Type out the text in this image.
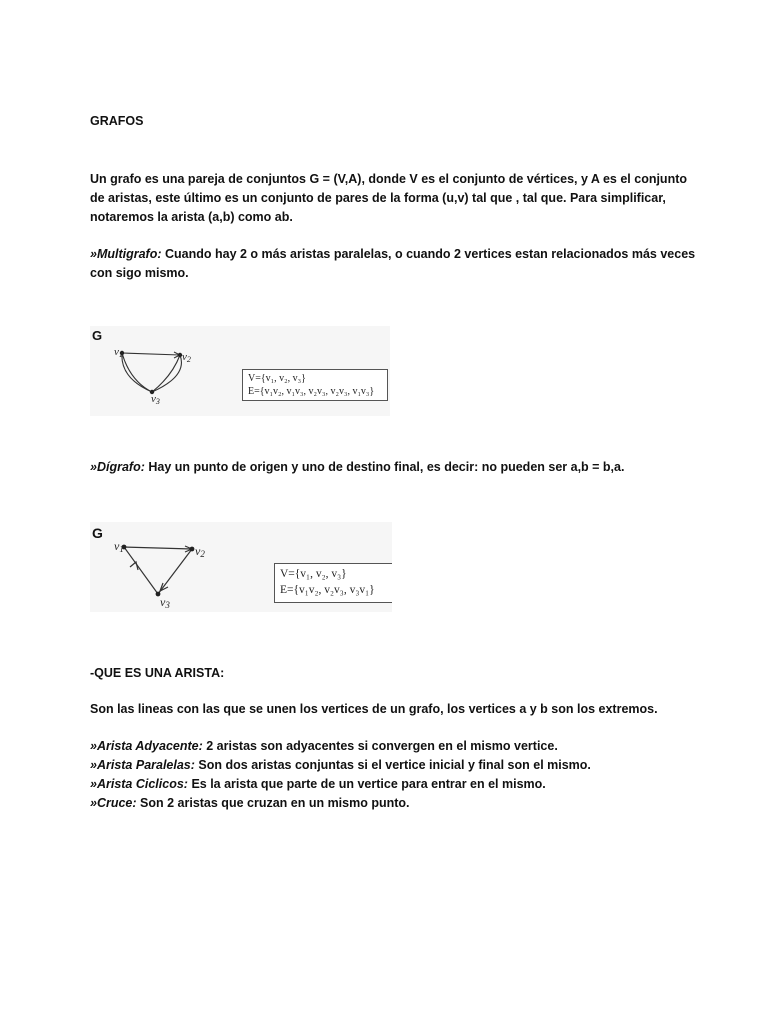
GRAFOS
Un grafo es una pareja de conjuntos G = (V,A), donde V es el conjunto de vértices, y A es el conjunto
de aristas, este último es un conjunto de pares de la forma (u,v) tal que , tal que. Para simplificar,
notaremos la arista (a,b) como ab.
»Multigrafo: Cuando hay 2 o más aristas paralelas, o cuando 2 vertices estan relacionados más veces
con sigo mismo.
v1	v2
v3
G
V={v₁, v₂, v₃}
E={v₁v₂, v₁v₃, v₂v₃, v₂v₃, v₁v₃}
»Dígrafo: Hay un punto de origen y uno de destino final, es decir: no pueden ser a,b = b,a.
v1	v2
v3
G
V={v₁, v₂, v₃}
E={v₁v₂, v₂v₃, v₃v₁}
-QUE ES UNA ARISTA:
Son las lineas con las que se unen los vertices de un grafo, los vertices a y b son los extremos.
»Arista Adyacente: 2 aristas son adyacentes si convergen en el mismo vertice.
»Arista Paralelas: Son dos aristas conjuntas si el vertice inicial y final son el mismo.
»Arista Ciclicos: Es la arista que parte de un vertice para entrar en el mismo.
»Cruce: Son 2 aristas que cruzan en un mismo punto.
